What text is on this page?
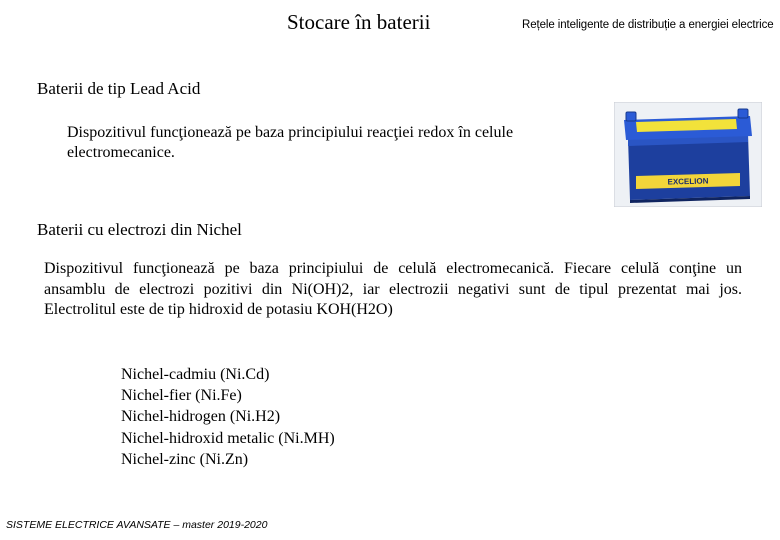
Stocare în baterii	Rețele inteligente de distribuție a energiei electrice
Baterii de tip Lead Acid
Dispozitivul funcţionează pe baza principiului reacţiei redox în celule electromecanice.
EXCELION
Baterii cu electrozi din Nichel
Dispozitivul funcţionează pe baza principiului de celulă electromecanică. Fiecare celulă conţine un ansamblu de electrozi pozitivi din Ni(OH)2, iar electrozii negativi sunt de tipul prezentat mai jos. Electrolitul este de tip hidroxid de potasiu KOH(H2O)
Nichel-cadmiu (Ni.Cd)
Nichel-fier (Ni.Fe)
Nichel-hidrogen (Ni.H2)
Nichel-hidroxid metalic (Ni.MH)
Nichel-zinc (Ni.Zn)
SISTEME ELECTRICE AVANSATE – master 2019-2020
